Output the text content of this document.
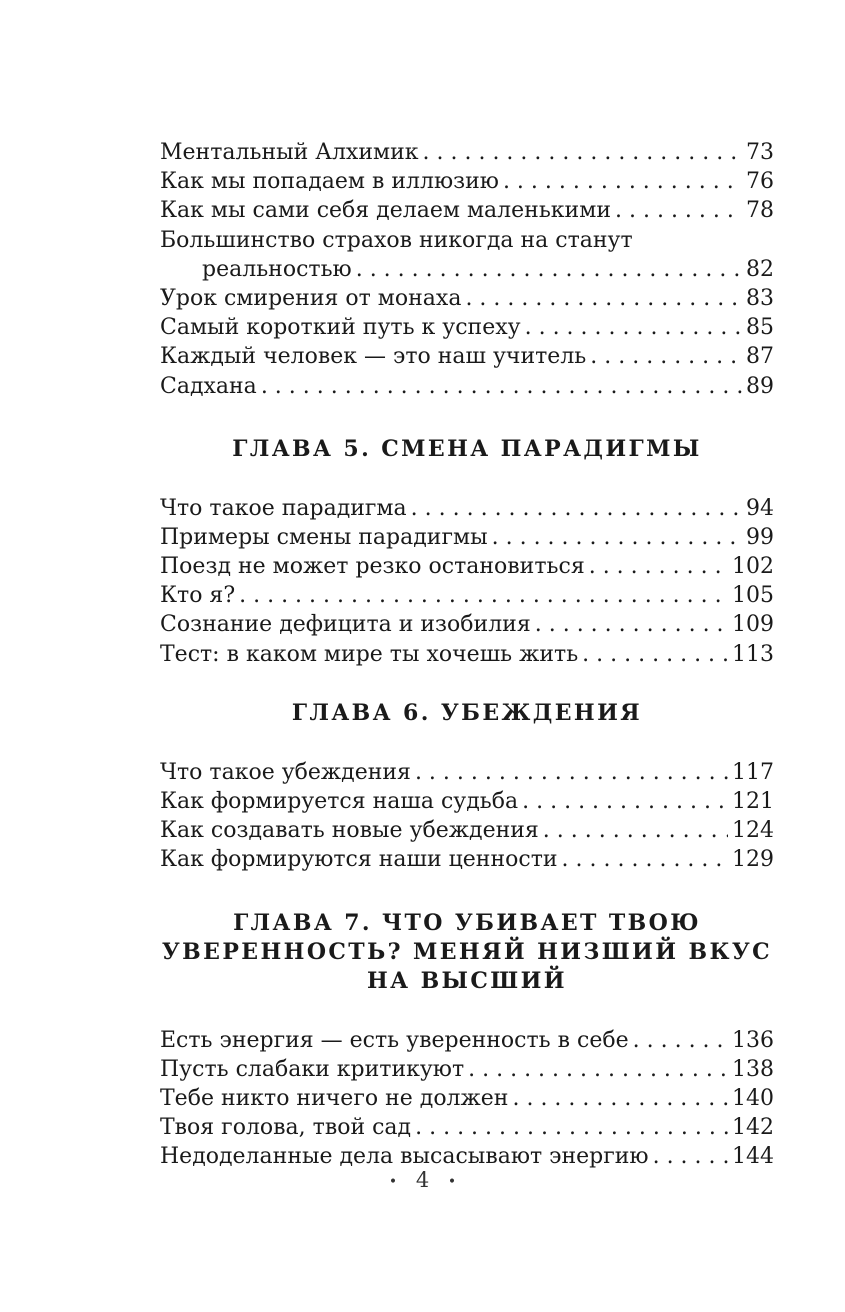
Ментальный Алхимик . . .	73
Как мы попадаем в иллюзию . . .	76
Как мы сами себя делаем маленькими . . .	78
Большинство страхов никогда на станут
реальностью . . .	82
Урок смирения от монаха . . .	83
Самый короткий путь к успеху . . .	85
Каждый человек — это наш учитель . . .	87
Садхана . . .	89
ГЛАВА 5. СМЕНА ПАРАДИГМЫ
Что такое парадигма . . .	94
Примеры смены парадигмы . . .	99
Поезд не может резко остановиться . . .	102
Кто я? . . .	105
Сознание дефицита и изобилия . . .	109
Тест: в каком мире ты хочешь жить . . .	113
ГЛАВА 6. УБЕЖДЕНИЯ
Что такое убеждения . . .	117
Как формируется наша судьба . . .	121
Как создавать новые убеждения . . .	124
Как формируются наши ценности . . .	129
ГЛАВА 7. ЧТО УБИВАЕТ ТВОЮ
УВЕРЕННОСТЬ? МЕНЯЙ НИЗШИЙ ВКУС
НА ВЫСШИЙ
Есть энергия — есть уверенность в себе . . .	136
Пусть слабаки критикуют . . .	138
Тебе никто ничего не должен . . .	140
Твоя голова, твой сад . . .	142
Недоделанные дела высасывают энергию . . .	144
• 4 •
